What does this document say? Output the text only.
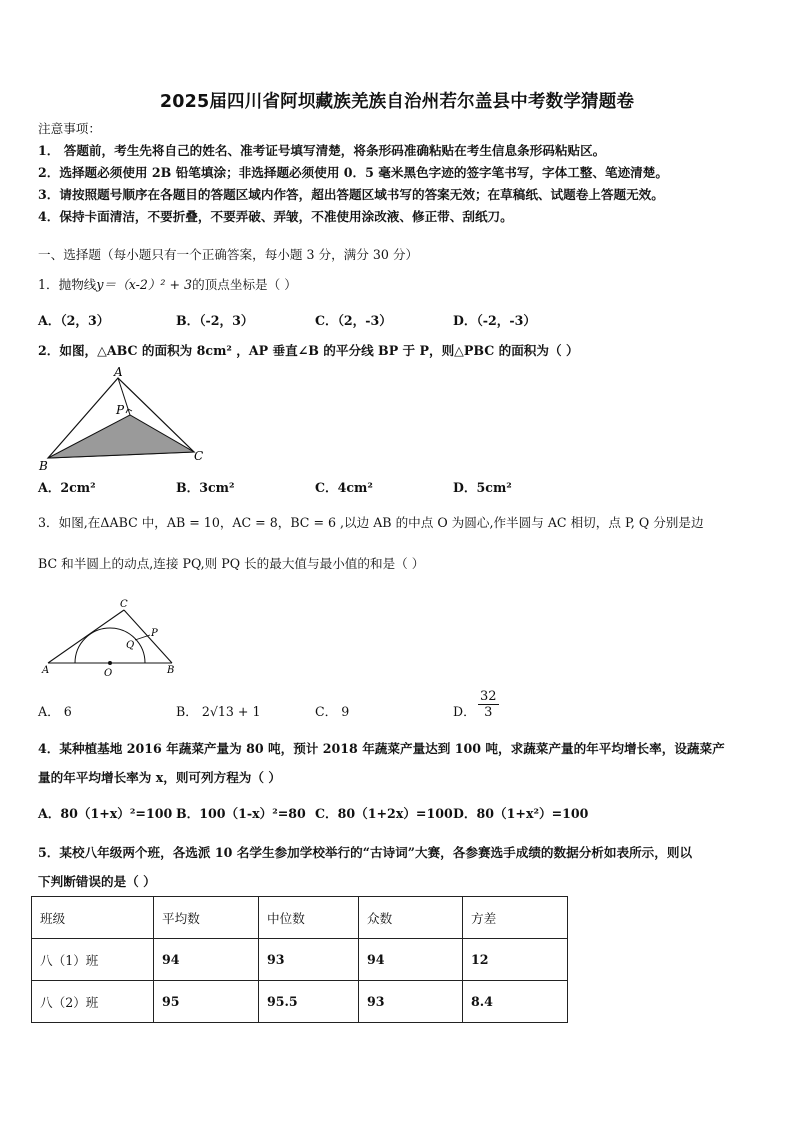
2025届四川省阿坝藏族羌族自治州若尔盖县中考数学猜题卷
注意事项：
1． 答题前，考生先将自己的姓名、准考证号填写清楚，将条形码准确粘贴在考生信息条形码粘贴区。
2．选择题必须使用 2B 铅笔填涂；非选择题必须使用 0．5 毫米黑色字迹的签字笔书写，字体工整、笔迹清楚。
3．请按照题号顺序在各题目的答题区域内作答，超出答题区域书写的答案无效；在草稿纸、试题卷上答题无效。
4．保持卡面清洁，不要折叠，不要弄破、弄皱，不准使用涂改液、修正带、刮纸刀。
一、选择题（每小题只有一个正确答案，每小题 3 分，满分 30 分）
1．抛物线y＝（x-2）² + 3的顶点坐标是（ ）
A．（2，3）	B．（-2，3）	C．（2，-3）	D．（-2，-3）
2．如图，△ABC 的面积为 8cm² ，AP 垂直∠B 的平分线 BP 于 P，则△PBC 的面积为（ ）
A
P
B
C
A．2cm²	B．3cm²	C．4cm²	D．5cm²
3．如图,在ΔABC 中，AB = 10，AC = 8，BC = 6 ,以边 AB 的中点 O 为圆心,作半圆与 AC 相切，点 P, Q 分别是边
BC 和半圆上的动点,连接 PQ,则 PQ 长的最大值与最小值的和是（ ）
C
P
Q
A	O	B
A． 6	B． 2√13 + 1	C． 9	D． $\frac{32}{3}$
4．某种植基地 2016 年蔬菜产量为 80 吨，预计 2018 年蔬菜产量达到 100 吨，求蔬菜产量的年平均增长率，设蔬菜产
量的年平均增长率为 x，则可列方程为（ ）
A．80（1+x）²=100 B．100（1-x）²=80 C．80（1+2x）=100 D．80（1+x²）=100
5．某校八年级两个班，各选派 10 名学生参加学校举行的“古诗词”大赛，各参赛选手成绩的数据分析如表所示，则以
下判断错误的是（ ）
班级	平均数	中位数	众数	方差
八（1）班	94	93	94	12
八（2）班	95	95.5	93	8.4
